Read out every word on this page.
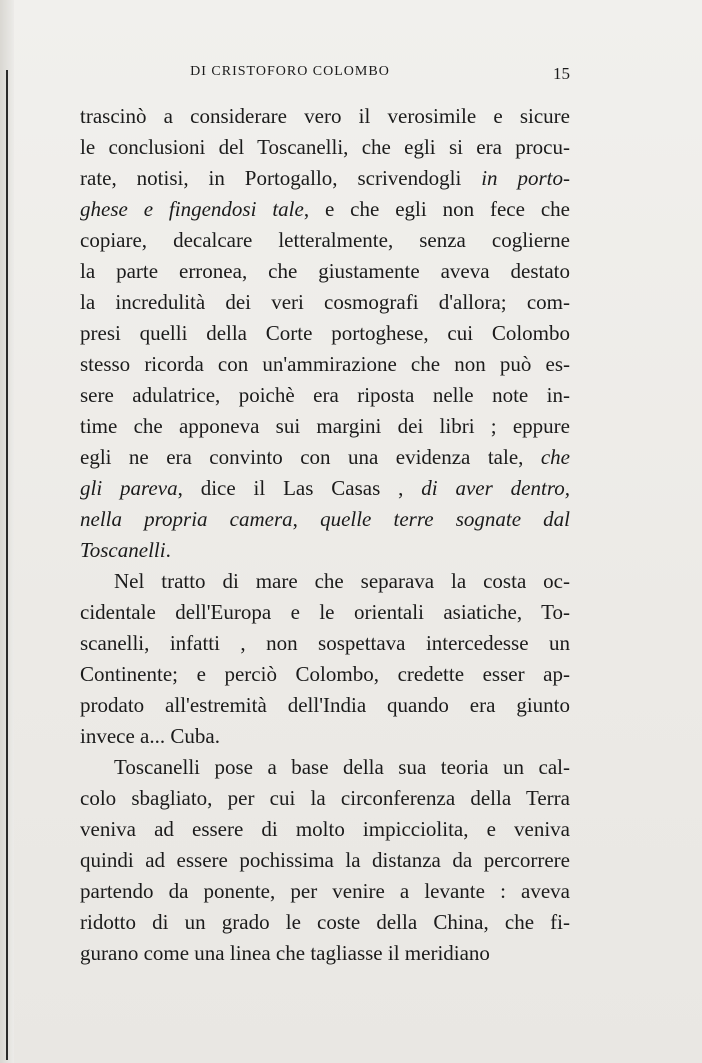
DI CRISTOFORO COLOMBO	15
trascinò a considerare vero il verosimile e sicure
le conclusioni del Toscanelli, che egli si era procu-
rate, notisi, in Portogallo, scrivendogli in porto-
ghese e fingendosi tale, e che egli non fece che
copiare, decalcare letteralmente, senza coglierne
la parte erronea, che giustamente aveva destato
la incredulità dei veri cosmografi d'allora; com-
presi quelli della Corte portoghese, cui Colombo
stesso ricorda con un'ammirazione che non può es-
sere adulatrice, poichè era riposta nelle note in-
time che apponeva sui margini dei libri ; eppure
egli ne era convinto con una evidenza tale, che
gli pareva, dice il Las Casas , di aver dentro,
nella propria camera, quelle terre sognate dal
Toscanelli.
Nel tratto di mare che separava la costa oc-
cidentale dell'Europa e le orientali asiatiche, To-
scanelli, infatti , non sospettava intercedesse un
Continente; e perciò Colombo, credette esser ap-
prodato all'estremità dell'India quando era giunto
invece a... Cuba.
Toscanelli pose a base della sua teoria un cal-
colo sbagliato, per cui la circonferenza della Terra
veniva ad essere di molto impicciolita, e veniva
quindi ad essere pochissima la distanza da percorrere
partendo da ponente, per venire a levante : aveva
ridotto di un grado le coste della China, che fi-
gurano come una linea che tagliasse il meridiano
